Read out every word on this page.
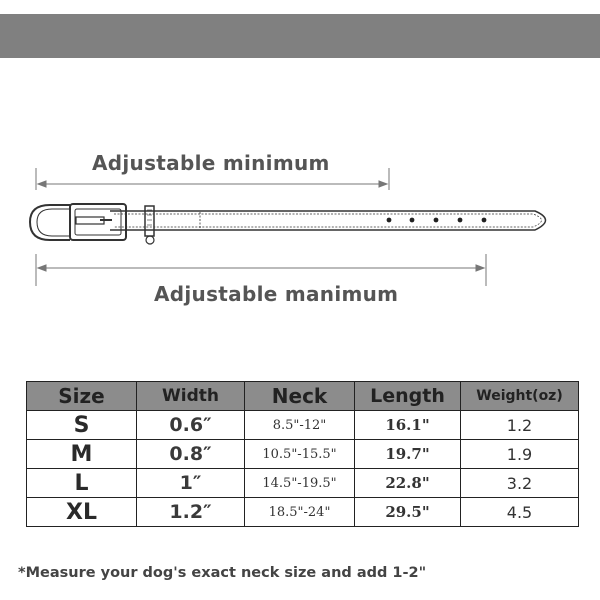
Adjustable minimum
Adjustable manimum
Size	Width	Neck	Length	Weight(oz)
S	0.6″	8.5"-12"	16.1"	1.2
M	0.8″	10.5"-15.5"	19.7"	1.9
L	1″	14.5"-19.5"	22.8"	3.2
XL	1.2″	18.5"-24"	29.5"	4.5
*Measure your dog's exact neck size and add 1-2"
